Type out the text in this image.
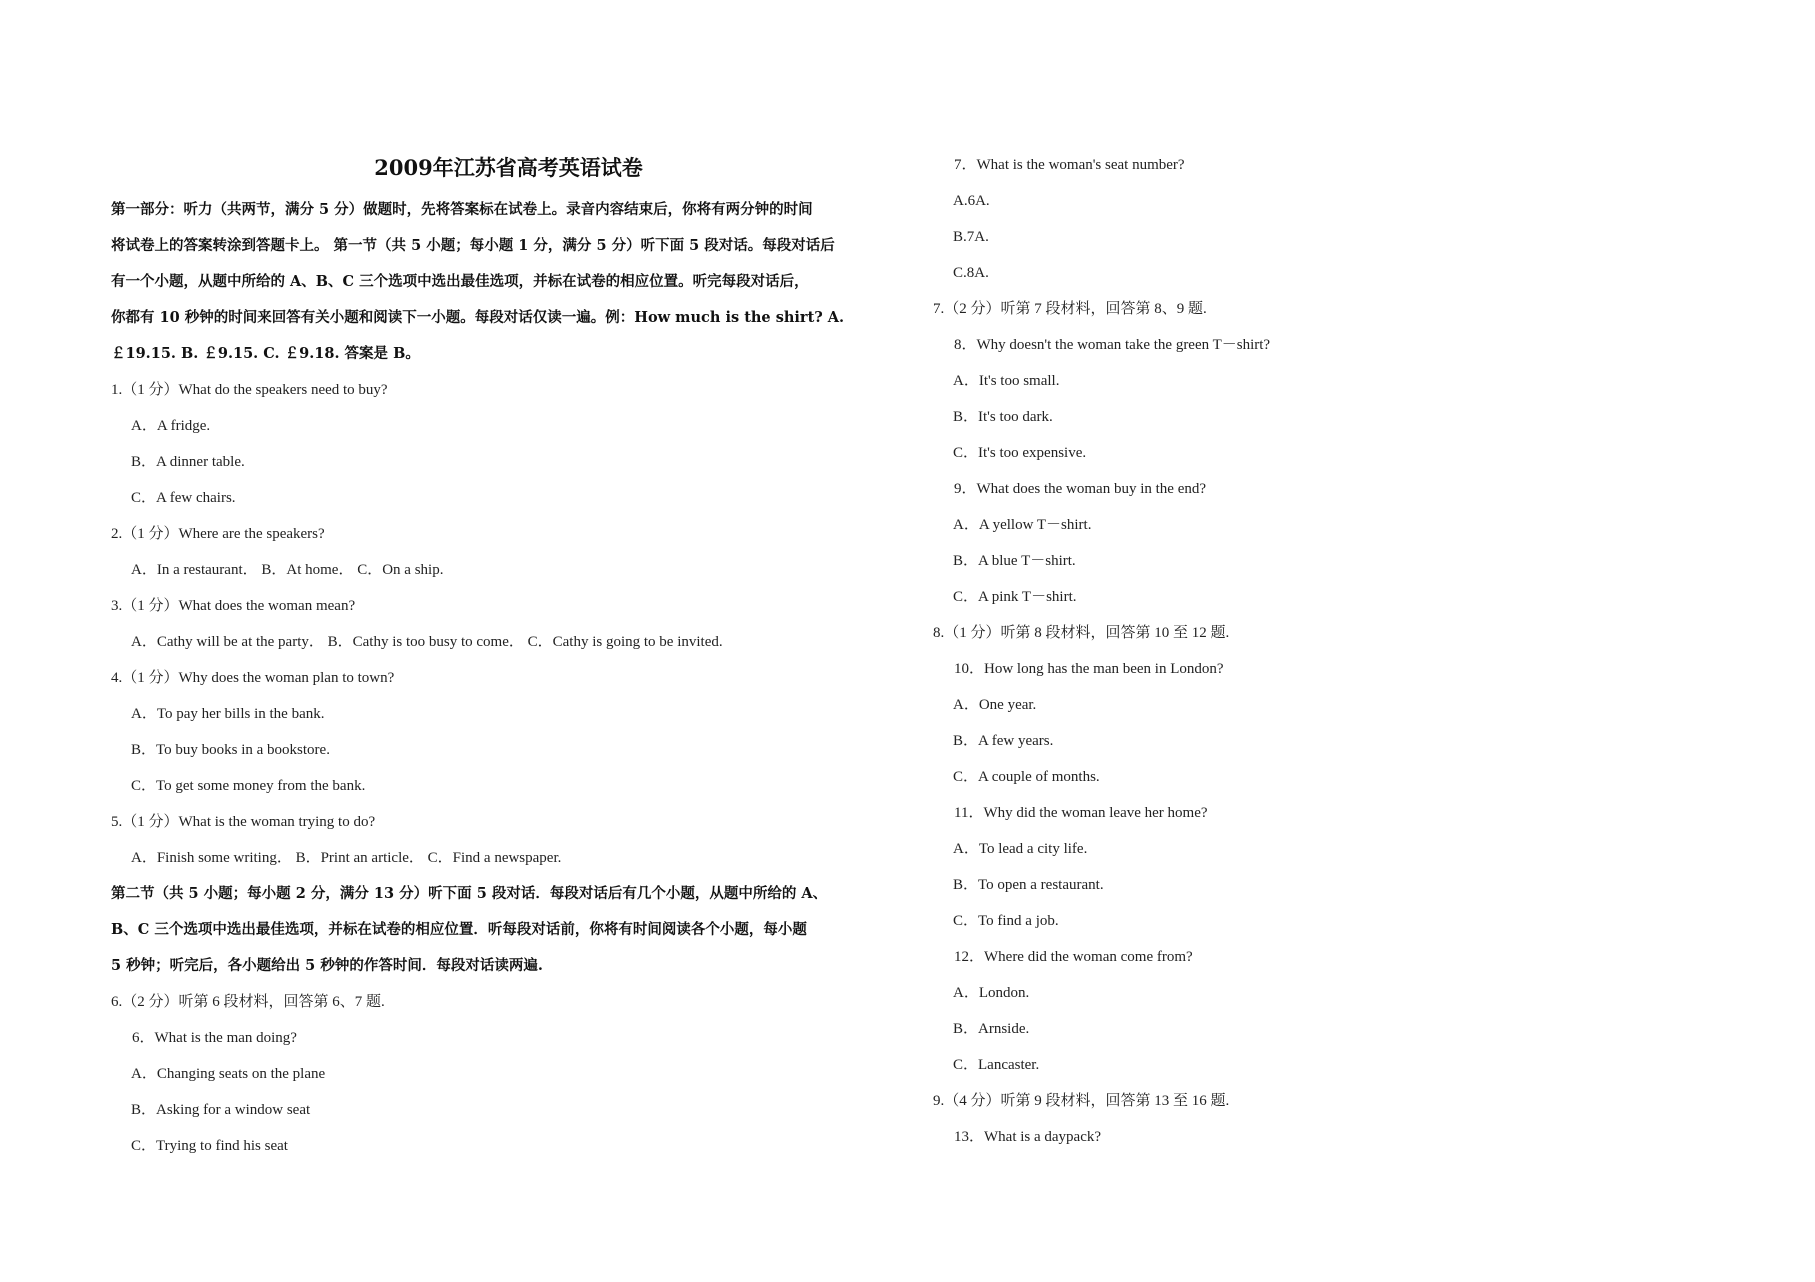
2009年江苏省高考英语试卷
第一部分：听力（共两节，满分 5 分）做题时，先将答案标在试卷上。录音内容结束后，你将有两分钟的时间
将试卷上的答案转涂到答题卡上。 第一节（共 5 小题；每小题 1 分，满分 5 分）听下面 5 段对话。每段对话后
有一个小题，从题中所给的 A、B、C 三个选项中选出最佳选项，并标在试卷的相应位置。听完每段对话后，
你都有 10 秒钟的时间来回答有关小题和阅读下一小题。每段对话仅读一遍。例：How much is the shirt? A.
￡19.15. B. ￡9.15. C. ￡9.18. 答案是 B。
1.（1 分）What do the speakers need to buy?
A．A fridge.
B．A dinner table.
C．A few chairs.
2.（1 分）Where are the speakers?
A．In a restaurant． B．At home． C．On a ship.
3.（1 分）What does the woman mean?
A．Cathy will be at the party． B．Cathy is too busy to come． C．Cathy is going to be invited.
4.（1 分）Why does the woman plan to town?
A．To pay her bills in the bank.
B．To buy books in a bookstore.
C．To get some money from the bank.
5.（1 分）What is the woman trying to do?
A．Finish some writing． B．Print an article． C．Find a newspaper.
第二节（共 5 小题；每小题 2 分，满分 13 分）听下面 5 段对话．每段对话后有几个小题，从题中所给的 A、
B、C 三个选项中选出最佳选项，并标在试卷的相应位置．听每段对话前，你将有时间阅读各个小题，每小题
5 秒钟；听完后，各小题给出 5 秒钟的作答时间．每段对话读两遍.
6.（2 分）听第 6 段材料，回答第 6、7 题.
6．What is the man doing?
A．Changing seats on the plane
B．Asking for a window seat
C．Trying to find his seat
7．What is the woman's seat number?
A.6A.
B.7A.
C.8A.
7.（2 分）听第 7 段材料，回答第 8、9 题.
8．Why doesn't the woman take the green T－shirt?
A．It's too small.
B．It's too dark.
C．It's too expensive.
9．What does the woman buy in the end?
A．A yellow T－shirt.
B．A blue T－shirt.
C．A pink T－shirt.
8.（1 分）听第 8 段材料，回答第 10 至 12 题.
10．How long has the man been in London?
A．One year.
B．A few years.
C．A couple of months.
11．Why did the woman leave her home?
A．To lead a city life.
B．To open a restaurant.
C．To find a job.
12．Where did the woman come from?
A．London.
B．Arnside.
C．Lancaster.
9.（4 分）听第 9 段材料，回答第 13 至 16 题.
13．What is a daypack?
